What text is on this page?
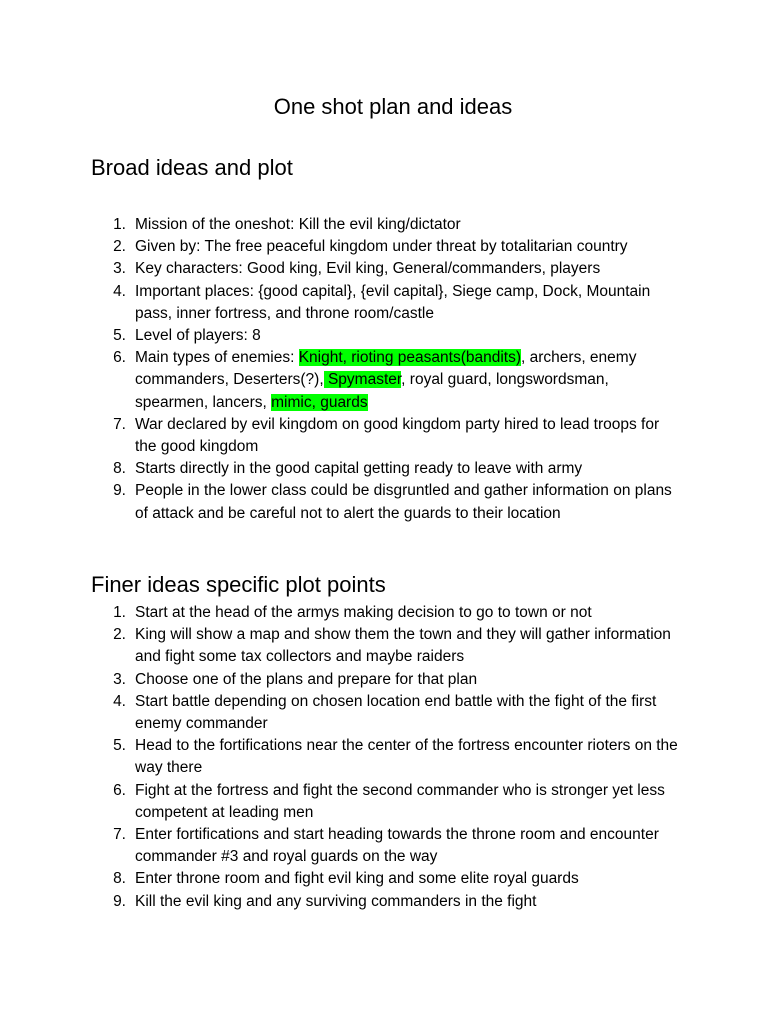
One shot plan and ideas
Broad ideas and plot
1. Mission of the oneshot: Kill the evil king/dictator
2. Given by: The free peaceful kingdom under threat by totalitarian country
3. Key characters: Good king, Evil king, General/commanders, players
4. Important places: {good capital}, {evil capital}, Siege camp, Dock, Mountain pass, inner fortress, and throne room/castle
5. Level of players: 8
6. Main types of enemies: Knight, rioting peasants(bandits), archers, enemy commanders, Deserters(?), Spymaster, royal guard, longswordsman, spearmen, lancers, mimic, guards
7. War declared by evil kingdom on good kingdom party hired to lead troops for the good kingdom
8. Starts directly in the good capital getting ready to leave with army
9. People in the lower class could be disgruntled and gather information on plans of attack and be careful not to alert the guards to their location
Finer ideas specific plot points
1. Start at the head of the armys making decision to go to town or not
2. King will show a map and show them the town and they will gather information and fight some tax collectors and maybe raiders
3. Choose one of the plans and prepare for that plan
4. Start battle depending on chosen location end battle with the fight of the first enemy commander
5. Head to the fortifications near the center of the fortress encounter rioters on the way there
6. Fight at the fortress and fight the second commander who is stronger yet less competent at leading men
7. Enter fortifications and start heading towards the throne room and encounter commander #3 and royal guards on the way
8. Enter throne room and fight evil king and some elite royal guards
9. Kill the evil king and any surviving commanders in the fight
